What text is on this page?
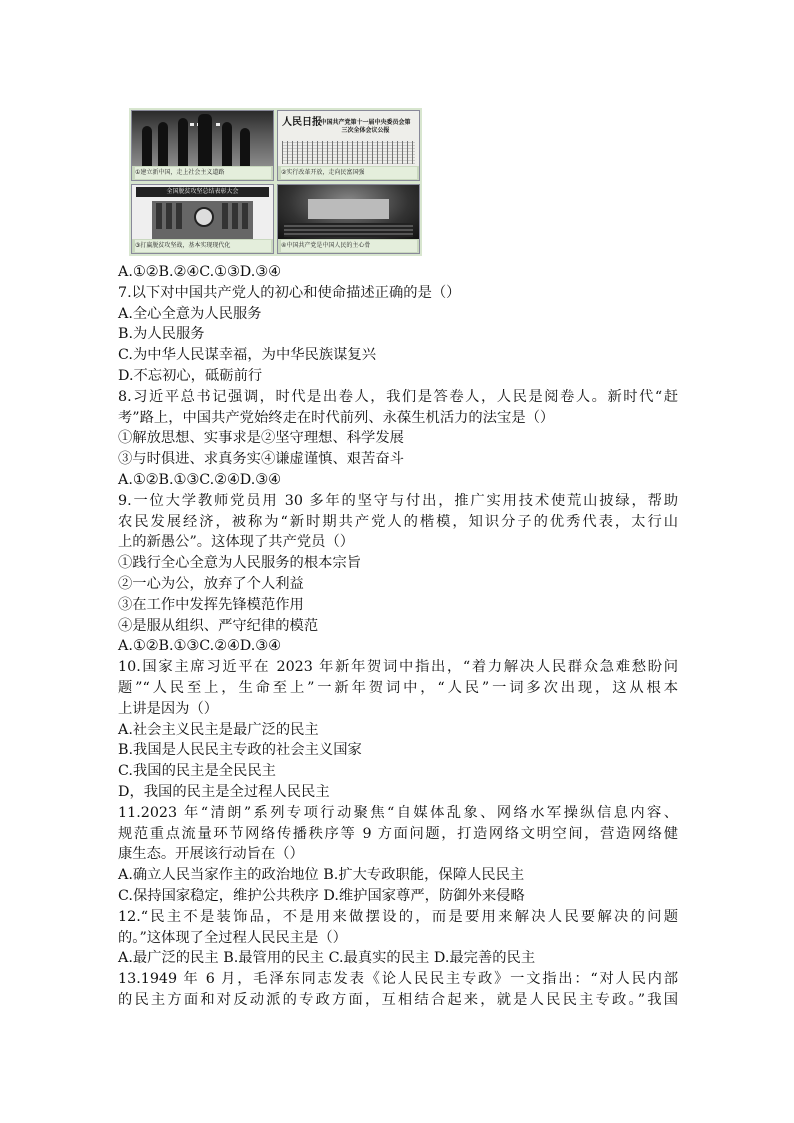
①建立新中国，走上社会主义道路
人民日报
中国共产党第十一届中央委员会第三次全体会议公报
②实行改革开放，走向民富国强
全国脱贫攻坚总结表彰大会
③打赢脱贫攻坚战，基本实现现代化	④中国共产党是中国人民的主心骨
A.①②B.②④C.①③D.③④
7.以下对中国共产党人的初心和使命描述正确的是（）
A.全心全意为人民服务
B.为人民服务
C.为中华人民谋幸福，为中华民族谋复兴
D.不忘初心，砥砺前行
8.习近平总书记强调，时代是出卷人，我们是答卷人，人民是阅卷人。新时代“赶
考”路上，中国共产党始终走在时代前列、永葆生机活力的法宝是（）
①解放思想、实事求是②坚守理想、科学发展
③与时俱进、求真务实④谦虚谨慎、艰苦奋斗
A.①②B.①③C.②④D.③④
9.一位大学教师党员用 30 多年的坚守与付出，推广实用技术使荒山披绿，帮助
农民发展经济，被称为“新时期共产党人的楷模，知识分子的优秀代表，太行山
上的新愚公”。这体现了共产党员（）
①践行全心全意为人民服务的根本宗旨
②一心为公，放弃了个人利益
③在工作中发挥先锋模范作用
④是服从组织、严守纪律的模范
A.①②B.①③C.②④D.③④
10.国家主席习近平在 2023 年新年贺词中指出，“着力解决人民群众急难愁盼问
题”“人民至上，生命至上”一新年贺词中，“人民”一词多次出现，这从根本
上讲是因为（）
A.社会主义民主是最广泛的民主
B.我国是人民民主专政的社会主义国家
C.我国的民主是全民民主
D，我国的民主是全过程人民民主
11.2023 年“清朗”系列专项行动聚焦“自媒体乱象、网络水军操纵信息内容、
规范重点流量环节网络传播秩序等 9 方面问题，打造网络文明空间，营造网络健
康生态。开展该行动旨在（）
A.确立人民当家作主的政治地位 B.扩大专政职能，保障人民民主
C.保持国家稳定，维护公共秩序 D.维护国家尊严，防御外来侵略
12.“民主不是装饰品，不是用来做摆设的，而是要用来解决人民要解决的问题
的。”这体现了全过程人民民主是（）
A.最广泛的民主 B.最管用的民主 C.最真实的民主 D.最完善的民主
13.1949 年 6 月，毛泽东同志发表《论人民民主专政》一文指出：“对人民内部
的民主方面和对反动派的专政方面，互相结合起来，就是人民民主专政。”我国
